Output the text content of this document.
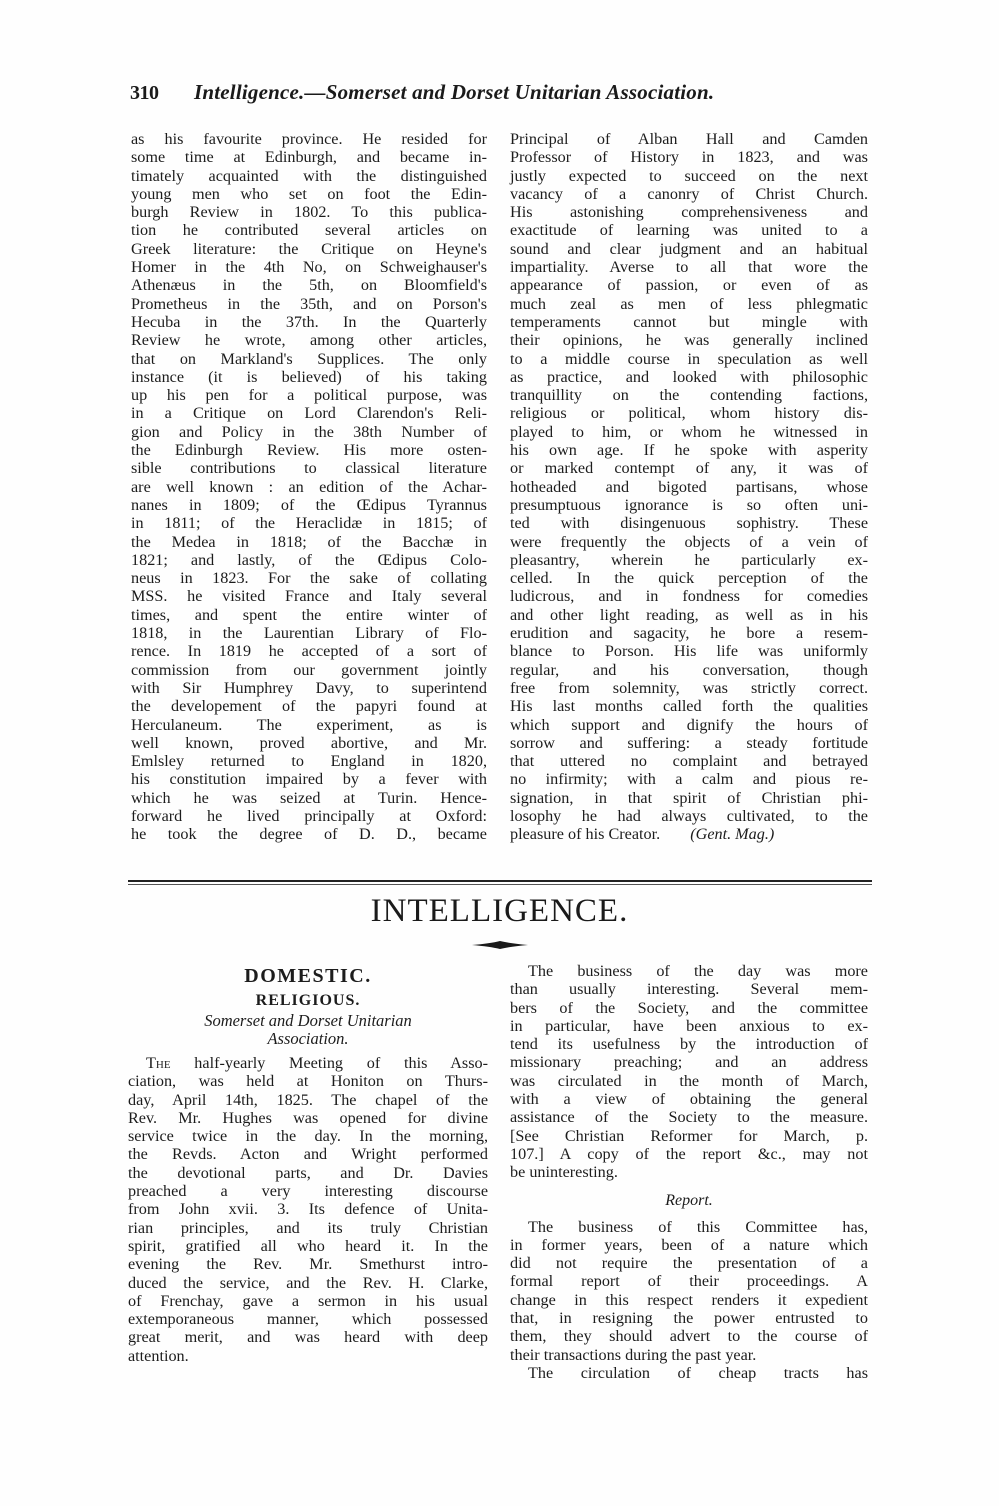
310 Intelligence.—Somerset and Dorset Unitarian Association.
as his favourite province. He resided for
some time at Edinburgh, and became in-
timately acquainted with the distinguished
young men who set on foot the Edin-
burgh Review in 1802. To this publica-
tion he contributed several articles on
Greek literature: the Critique on Heyne's
Homer in the 4th No, on Schweighauser's
Athenæus in the 5th, on Bloomfield's
Prometheus in the 35th, and on Porson's
Hecuba in the 37th. In the Quarterly
Review he wrote, among other articles,
that on Markland's Supplices. The only
instance (it is believed) of his taking
up his pen for a political purpose, was
in a Critique on Lord Clarendon's Reli-
gion and Policy in the 38th Number of
the Edinburgh Review. His more osten-
sible contributions to classical literature
are well known : an edition of the Achar-
nanes in 1809; of the Œdipus Tyrannus
in 1811; of the Heraclidæ in 1815; of
the Medea in 1818; of the Bacchæ in
1821; and lastly, of the Œdipus Colo-
neus in 1823. For the sake of collating
MSS. he visited France and Italy several
times, and spent the entire winter of
1818, in the Laurentian Library of Flo-
rence. In 1819 he accepted of a sort of
commission from our government jointly
with Sir Humphrey Davy, to superintend
the developement of the papyri found at
Herculaneum. The experiment, as is
well known, proved abortive, and Mr.
Emlsley returned to England in 1820,
his constitution impaired by a fever with
which he was seized at Turin. Hence-
forward he lived principally at Oxford:
he took the degree of D. D., became
Principal of Alban Hall and Camden
Professor of History in 1823, and was
justly expected to succeed on the next
vacancy of a canonry of Christ Church.
His astonishing comprehensiveness and
exactitude of learning was united to a
sound and clear judgment and an habitual
impartiality. Averse to all that wore the
appearance of passion, or even of as
much zeal as men of less phlegmatic
temperaments cannot but mingle with
their opinions, he was generally inclined
to a middle course in speculation as well
as practice, and looked with philosophic
tranquillity on the contending factions,
religious or political, whom history dis-
played to him, or whom he witnessed in
his own age. If he spoke with asperity
or marked contempt of any, it was of
hotheaded and bigoted partisans, whose
presumptuous ignorance is so often uni-
ted with disingenuous sophistry. These
were frequently the objects of a vein of
pleasantry, wherein he particularly ex-
celled. In the quick perception of the
ludicrous, and in fondness for comedies
and other light reading, as well as in his
erudition and sagacity, he bore a resem-
blance to Porson. His life was uniformly
regular, and his conversation, though
free from solemnity, was strictly correct.
His last months called forth the qualities
which support and dignify the hours of
sorrow and suffering: a steady fortitude
that uttered no complaint and betrayed
no infirmity; with a calm and pious re-
signation, in that spirit of Christian phi-
losophy he had always cultivated, to the
pleasure of his Creator. (Gent. Mag.)
INTELLIGENCE.
DOMESTIC.
RELIGIOUS.
Somerset and Dorset Unitarian
Association.
The half-yearly Meeting of this Asso-
ciation, was held at Honiton on Thurs-
day, April 14th, 1825. The chapel of the
Rev. Mr. Hughes was opened for divine
service twice in the day. In the morning,
the Revds. Acton and Wright performed
the devotional parts, and Dr. Davies
preached a very interesting discourse
from John xvii. 3. Its defence of Unita-
rian principles, and its truly Christian
spirit, gratified all who heard it. In the
evening the Rev. Mr. Smethurst intro-
duced the service, and the Rev. H. Clarke,
of Frenchay, gave a sermon in his usual
extemporaneous manner, which possessed
great merit, and was heard with deep
attention.
The business of the day was more
than usually interesting. Several mem-
bers of the Society, and the committee
in particular, have been anxious to ex-
tend its usefulness by the introduction of
missionary preaching; and an address
was circulated in the month of March,
with a view of obtaining the general
assistance of the Society to the measure.
[See Christian Reformer for March, p.
107.] A copy of the report &c., may not
be uninteresting.
Report.
The business of this Committee has,
in former years, been of a nature which
did not require the presentation of a
formal report of their proceedings. A
change in this respect renders it expedient
that, in resigning the power entrusted to
them, they should advert to the course of
their transactions during the past year.
The circulation of cheap tracts has
